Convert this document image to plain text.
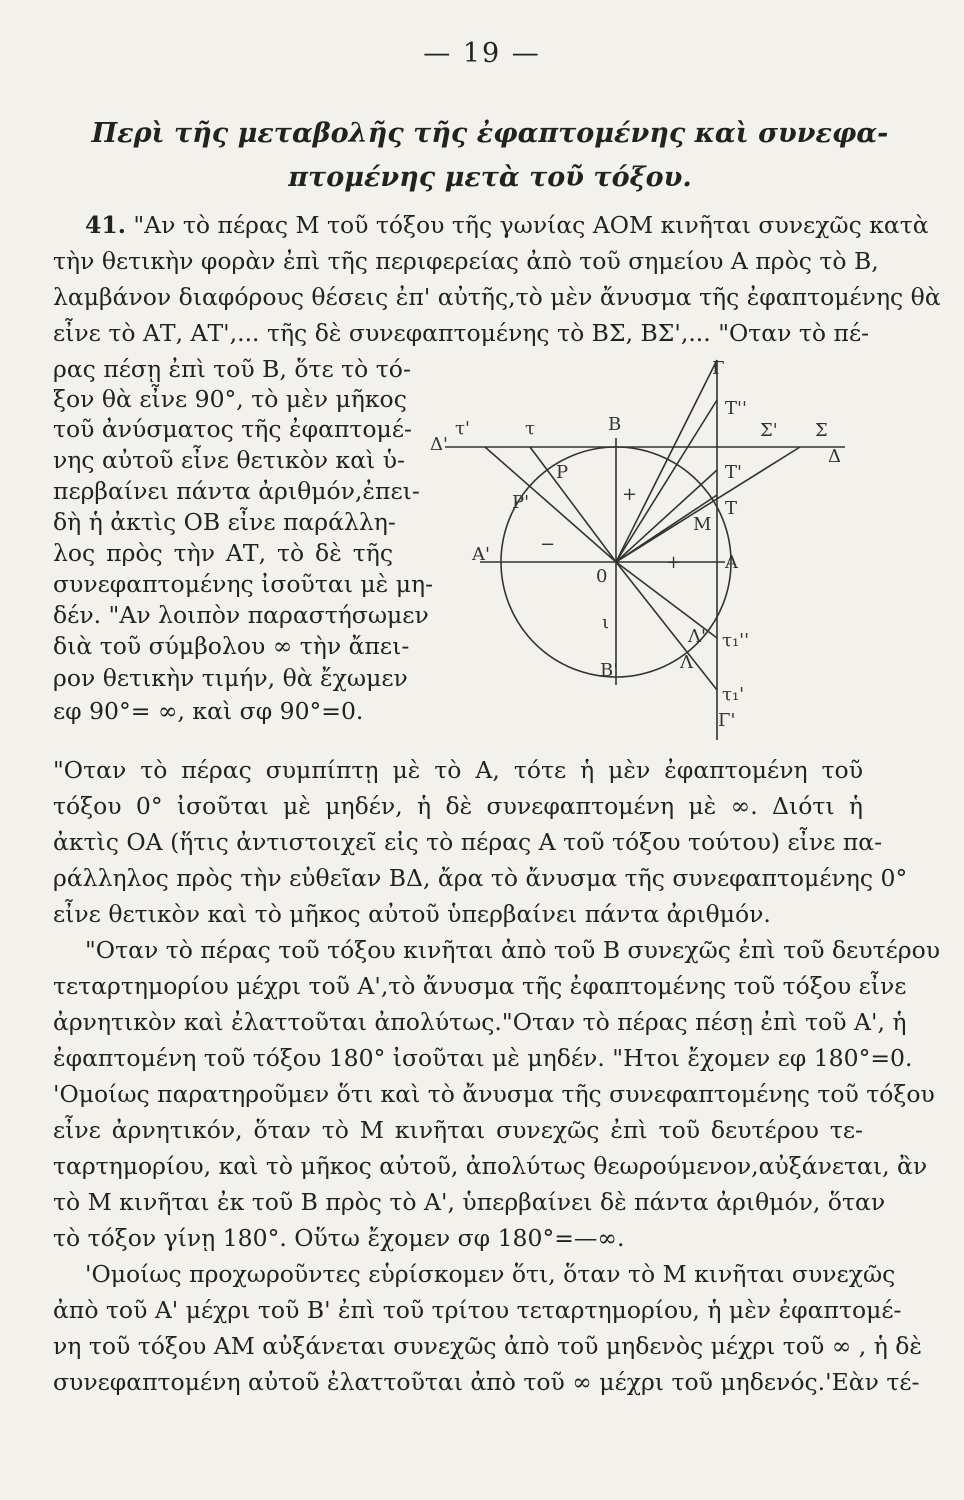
— 19 —
Περὶ τῆς μεταβολῆς τῆς ἐφαπτομένης καὶ συνεφα-
πτομένης μετὰ τοῦ τόξου.
41. "Αν τὸ πέρας Μ τοῦ τόξου τῆς γωνίας ΑΟΜ κινῆται συνεχῶς κατὰ
τὴν θετικὴν φορὰν ἐπὶ τῆς περιφερείας ἀπὸ τοῦ σημείου Α πρὸς τὸ Β,
λαμβάνον διαφόρους θέσεις ἐπ' αὐτῆς,τὸ μὲν ἄνυσμα τῆς ἐφαπτομένης θὰ
εἶνε τὸ ΑΤ, ΑΤ',... τῆς δὲ συνεφαπτομένης τὸ ΒΣ, ΒΣ',... "Οταν τὸ πέ-
ρας πέσῃ ἐπὶ τοῦ Β, ὅτε τὸ τό-
ξον θὰ εἶνε 90°, τὸ μὲν μῆκος
τοῦ ἀνύσματος τῆς ἐφαπτομέ-
νης αὐτοῦ εἶνε θετικὸν καὶ ὑ-
περβαίνει πάντα ἀριθμόν,ἐπει-
δὴ ἡ ἀκτὶς ΟΒ εἶνε παράλλη-
λος πρὸς τὴν ΑΤ, τὸ δὲ τῆς
συνεφαπτομένης ἰσοῦται μὲ μη-
δέν. "Αν λοιπὸν παραστήσωμεν
διὰ τοῦ σύμβολου ∞ τὴν ἄπει-
ρον θετικὴν τιμήν, θὰ ἔχωμεν
εφ 90°= ∞, καὶ σφ 90°=0.
Γ
Τ''
Σ' Σ
Δ
Δ'
τ'	τ	Β
Τ'
Τ
Ρ
Ρ'	+
Μ
Α'	−
0
+ Α
ι
Λ' τ₁''
Λ
Β'
τ₁'
Γ'
"Οταν τὸ πέρας συμπίπτῃ μὲ τὸ Α, τότε ἡ μὲν ἐφαπτομένη τοῦ
τόξου 0° ἰσοῦται μὲ μηδέν, ἡ δὲ συνεφαπτομένη μὲ ∞. Διότι ἡ
ἀκτὶς ΟΑ (ἥτις ἀντιστοιχεῖ εἰς τὸ πέρας Α τοῦ τόξου τούτου) εἶνε πα-
ράλληλος πρὸς τὴν εὐθεῖαν ΒΔ, ἄρα τὸ ἄνυσμα τῆς συνεφαπτομένης 0°
εἶνε θετικὸν καὶ τὸ μῆκος αὐτοῦ ὑπερβαίνει πάντα ἀριθμόν.
"Οταν τὸ πέρας τοῦ τόξου κινῆται ἀπὸ τοῦ Β συνεχῶς ἐπὶ τοῦ δευτέρου
τεταρτημορίου μέχρι τοῦ Α',τὸ ἄνυσμα τῆς ἐφαπτομένης τοῦ τόξου εἶνε
ἀρνητικὸν καὶ ἐλαττοῦται ἀπολύτως."Οταν τὸ πέρας πέσῃ ἐπὶ τοῦ Α', ἡ
ἐφαπτομένη τοῦ τόξου 180° ἰσοῦται μὲ μηδέν. "Ητοι ἔχομεν εφ 180°=0.
'Ομοίως παρατηροῦμεν ὅτι καὶ τὸ ἄνυσμα τῆς συνεφαπτομένης τοῦ τόξου
εἶνε ἀρνητικόν, ὅταν τὸ Μ κινῆται συνεχῶς ἐπὶ τοῦ δευτέρου τε-
ταρτημορίου, καὶ τὸ μῆκος αὐτοῦ, ἀπολύτως θεωρούμενον,αὐξάνεται, ἂν
τὸ Μ κινῆται ἐκ τοῦ Β πρὸς τὸ Α', ὑπερβαίνει δὲ πάντα ἀριθμόν, ὅταν
τὸ τόξον γίνῃ 180°. Οὕτω ἔχομεν σφ 180°=—∞.
'Ομοίως προχωροῦντες εὑρίσκομεν ὅτι, ὅταν τὸ Μ κινῆται συνεχῶς
ἀπὸ τοῦ Α' μέχρι τοῦ Β' ἐπὶ τοῦ τρίτου τεταρτημορίου, ἡ μὲν ἐφαπτομέ-
νη τοῦ τόξου ΑΜ αὐξάνεται συνεχῶς ἀπὸ τοῦ μηδενὸς μέχρι τοῦ ∞ , ἡ δὲ
συνεφαπτομένη αὐτοῦ ἐλαττοῦται ἀπὸ τοῦ ∞ μέχρι τοῦ μηδενός.'Εὰν τέ-
